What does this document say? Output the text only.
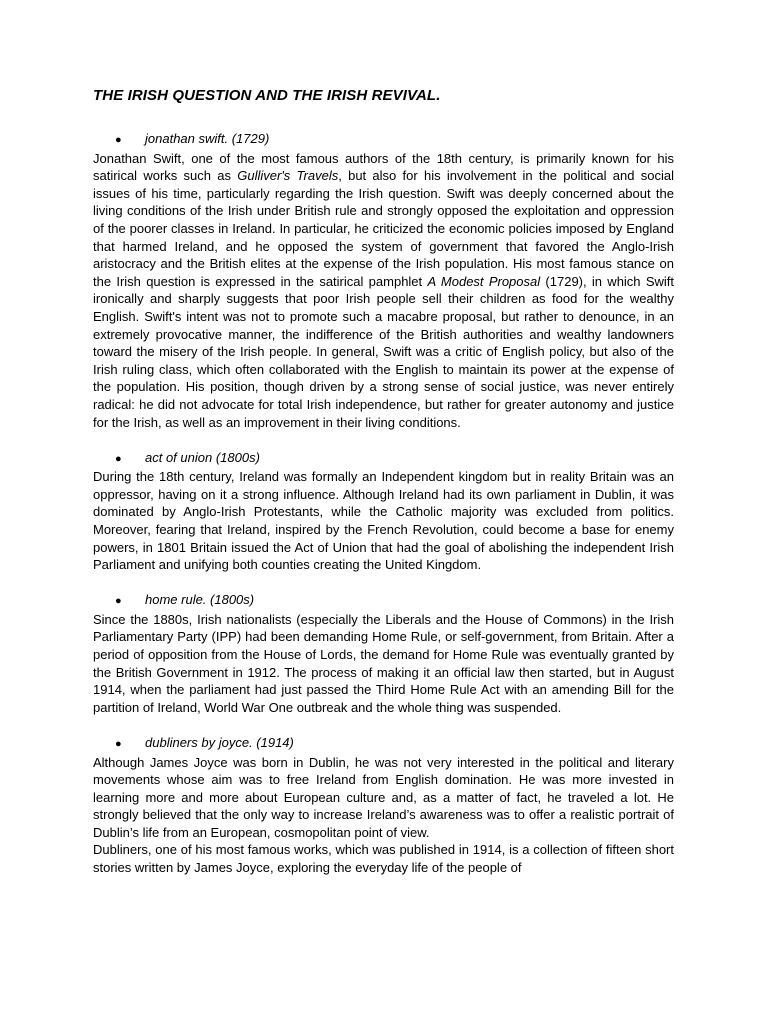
THE IRISH QUESTION AND THE IRISH REVIVAL.

● jonathan swift. (1729)

Jonathan Swift, one of the most famous authors of the 18th century, is primarily known for his satirical works such as Gulliver's Travels, but also for his involvement in the political and social issues of his time, particularly regarding the Irish question. Swift was deeply concerned about the living conditions of the Irish under British rule and strongly opposed the exploitation and oppression of the poorer classes in Ireland. In particular, he criticized the economic policies imposed by England that harmed Ireland, and he opposed the system of government that favored the Anglo-Irish aristocracy and the British elites at the expense of the Irish population. His most famous stance on the Irish question is expressed in the satirical pamphlet A Modest Proposal (1729), in which Swift ironically and sharply suggests that poor Irish people sell their children as food for the wealthy English. Swift's intent was not to promote such a macabre proposal, but rather to denounce, in an extremely provocative manner, the indifference of the British authorities and wealthy landowners toward the misery of the Irish people. In general, Swift was a critic of English policy, but also of the Irish ruling class, which often collaborated with the English to maintain its power at the expense of the population. His position, though driven by a strong sense of social justice, was never entirely radical: he did not advocate for total Irish independence, but rather for greater autonomy and justice for the Irish, as well as an improvement in their living conditions.

● act of union (1800s)

During the 18th century, Ireland was formally an Independent kingdom but in reality Britain was an oppressor, having on it a strong influence. Although Ireland had its own parliament in Dublin, it was dominated by Anglo-Irish Protestants, while the Catholic majority was excluded from politics. Moreover, fearing that Ireland, inspired by the French Revolution, could become a base for enemy powers, in 1801 Britain issued the Act of Union that had the goal of abolishing the independent Irish Parliament and unifying both counties creating the United Kingdom.

● home rule. (1800s)

Since the 1880s, Irish nationalists (especially the Liberals and the House of Commons) in the Irish Parliamentary Party (IPP) had been demanding Home Rule, or self-government, from Britain. After a period of opposition from the House of Lords, the demand for Home Rule was eventually granted by the British Government in 1912. The process of making it an official law then started, but in August 1914, when the parliament had just passed the Third Home Rule Act with an amending Bill for the partition of Ireland, World War One outbreak and the whole thing was suspended.

● dubliners by joyce. (1914)

Although James Joyce was born in Dublin, he was not very interested in the political and literary movements whose aim was to free Ireland from English domination. He was more invested in learning more and more about European culture and, as a matter of fact, he traveled a lot. He strongly believed that the only way to increase Ireland’s awareness was to offer a realistic portrait of Dublin’s life from an European, cosmopolitan point of view.

Dubliners, one of his most famous works, which was published in 1914, is a collection of fifteen short stories written by James Joyce, exploring the everyday life of the people of
